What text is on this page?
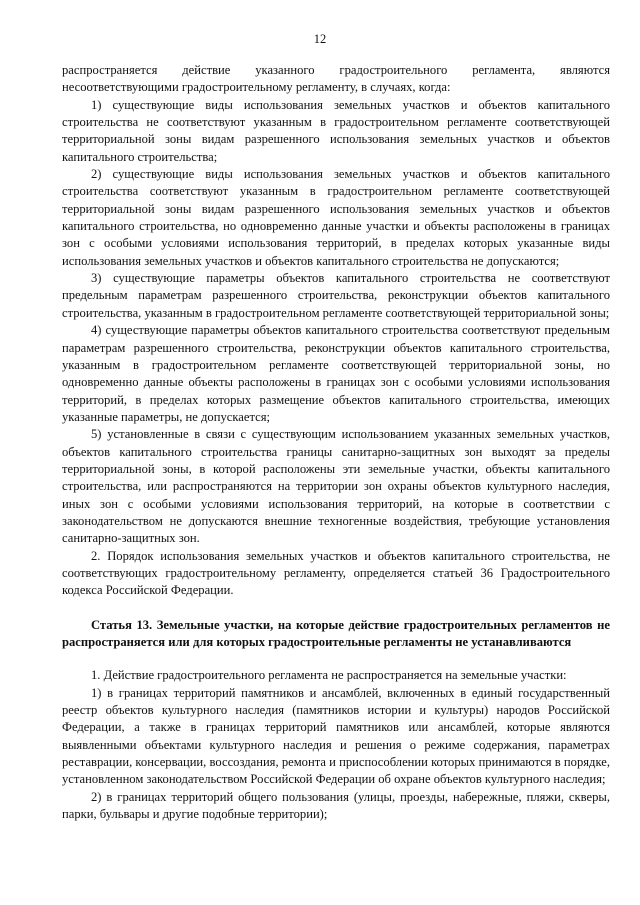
12

распространяется действие указанного градостроительного регламента, являются несоответствующими градостроительному регламенту, в случаях, когда:

1) существующие виды использования земельных участков и объектов капитального строительства не соответствуют указанным в градостроительном регламенте соответствующей территориальной зоны видам разрешенного использования земельных участков и объектов капитального строительства;

2) существующие виды использования земельных участков и объектов капитального строительства соответствуют указанным в градостроительном регламенте соответствующей территориальной зоны видам разрешенного использования земельных участков и объектов капитального строительства, но одновременно данные участки и объекты расположены в границах зон с особыми условиями использования территорий, в пределах которых указанные виды использования земельных участков и объектов капитального строительства не допускаются;

3) существующие параметры объектов капитального строительства не соответствуют предельным параметрам разрешенного строительства, реконструкции объектов капитального строительства, указанным в градостроительном регламенте соответствующей территориальной зоны;

4) существующие параметры объектов капитального строительства соответствуют предельным параметрам разрешенного строительства, реконструкции объектов капитального строительства, указанным в градостроительном регламенте соответствующей территориальной зоны, но одновременно данные объекты расположены в границах зон с особыми условиями использования территорий, в пределах которых размещение объектов капитального строительства, имеющих указанные параметры, не допускается;

5) установленные в связи с существующим использованием указанных земельных участков, объектов капитального строительства границы санитарно-защитных зон выходят за пределы территориальной зоны, в которой расположены эти земельные участки, объекты капитального строительства, или распространяются на территории зон охраны объектов культурного наследия, иных зон с особыми условиями использования территорий, на которые в соответствии с законодательством не допускаются внешние техногенные воздействия, требующие установления санитарно-защитных зон.

2. Порядок использования земельных участков и объектов капитального строительства, не соответствующих градостроительному регламенту, определяется статьей 36 Градостроительного кодекса Российской Федерации.

Статья 13. Земельные участки, на которые действие градостроительных регламентов не распространяется или для которых градостроительные регламенты не устанавливаются

1. Действие градостроительного регламента не распространяется на земельные участки:

1) в границах территорий памятников и ансамблей, включенных в единый государственный реестр объектов культурного наследия (памятников истории и культуры) народов Российской Федерации, а также в границах территорий памятников или ансамблей, которые являются выявленными объектами культурного наследия и решения о режиме содержания, параметрах реставрации, консервации, воссоздания, ремонта и приспособлении которых принимаются в порядке, установленном законодательством Российской Федерации об охране объектов культурного наследия;

2) в границах территорий общего пользования (улицы, проезды, набережные, пляжи, скверы, парки, бульвары и другие подобные территории);
